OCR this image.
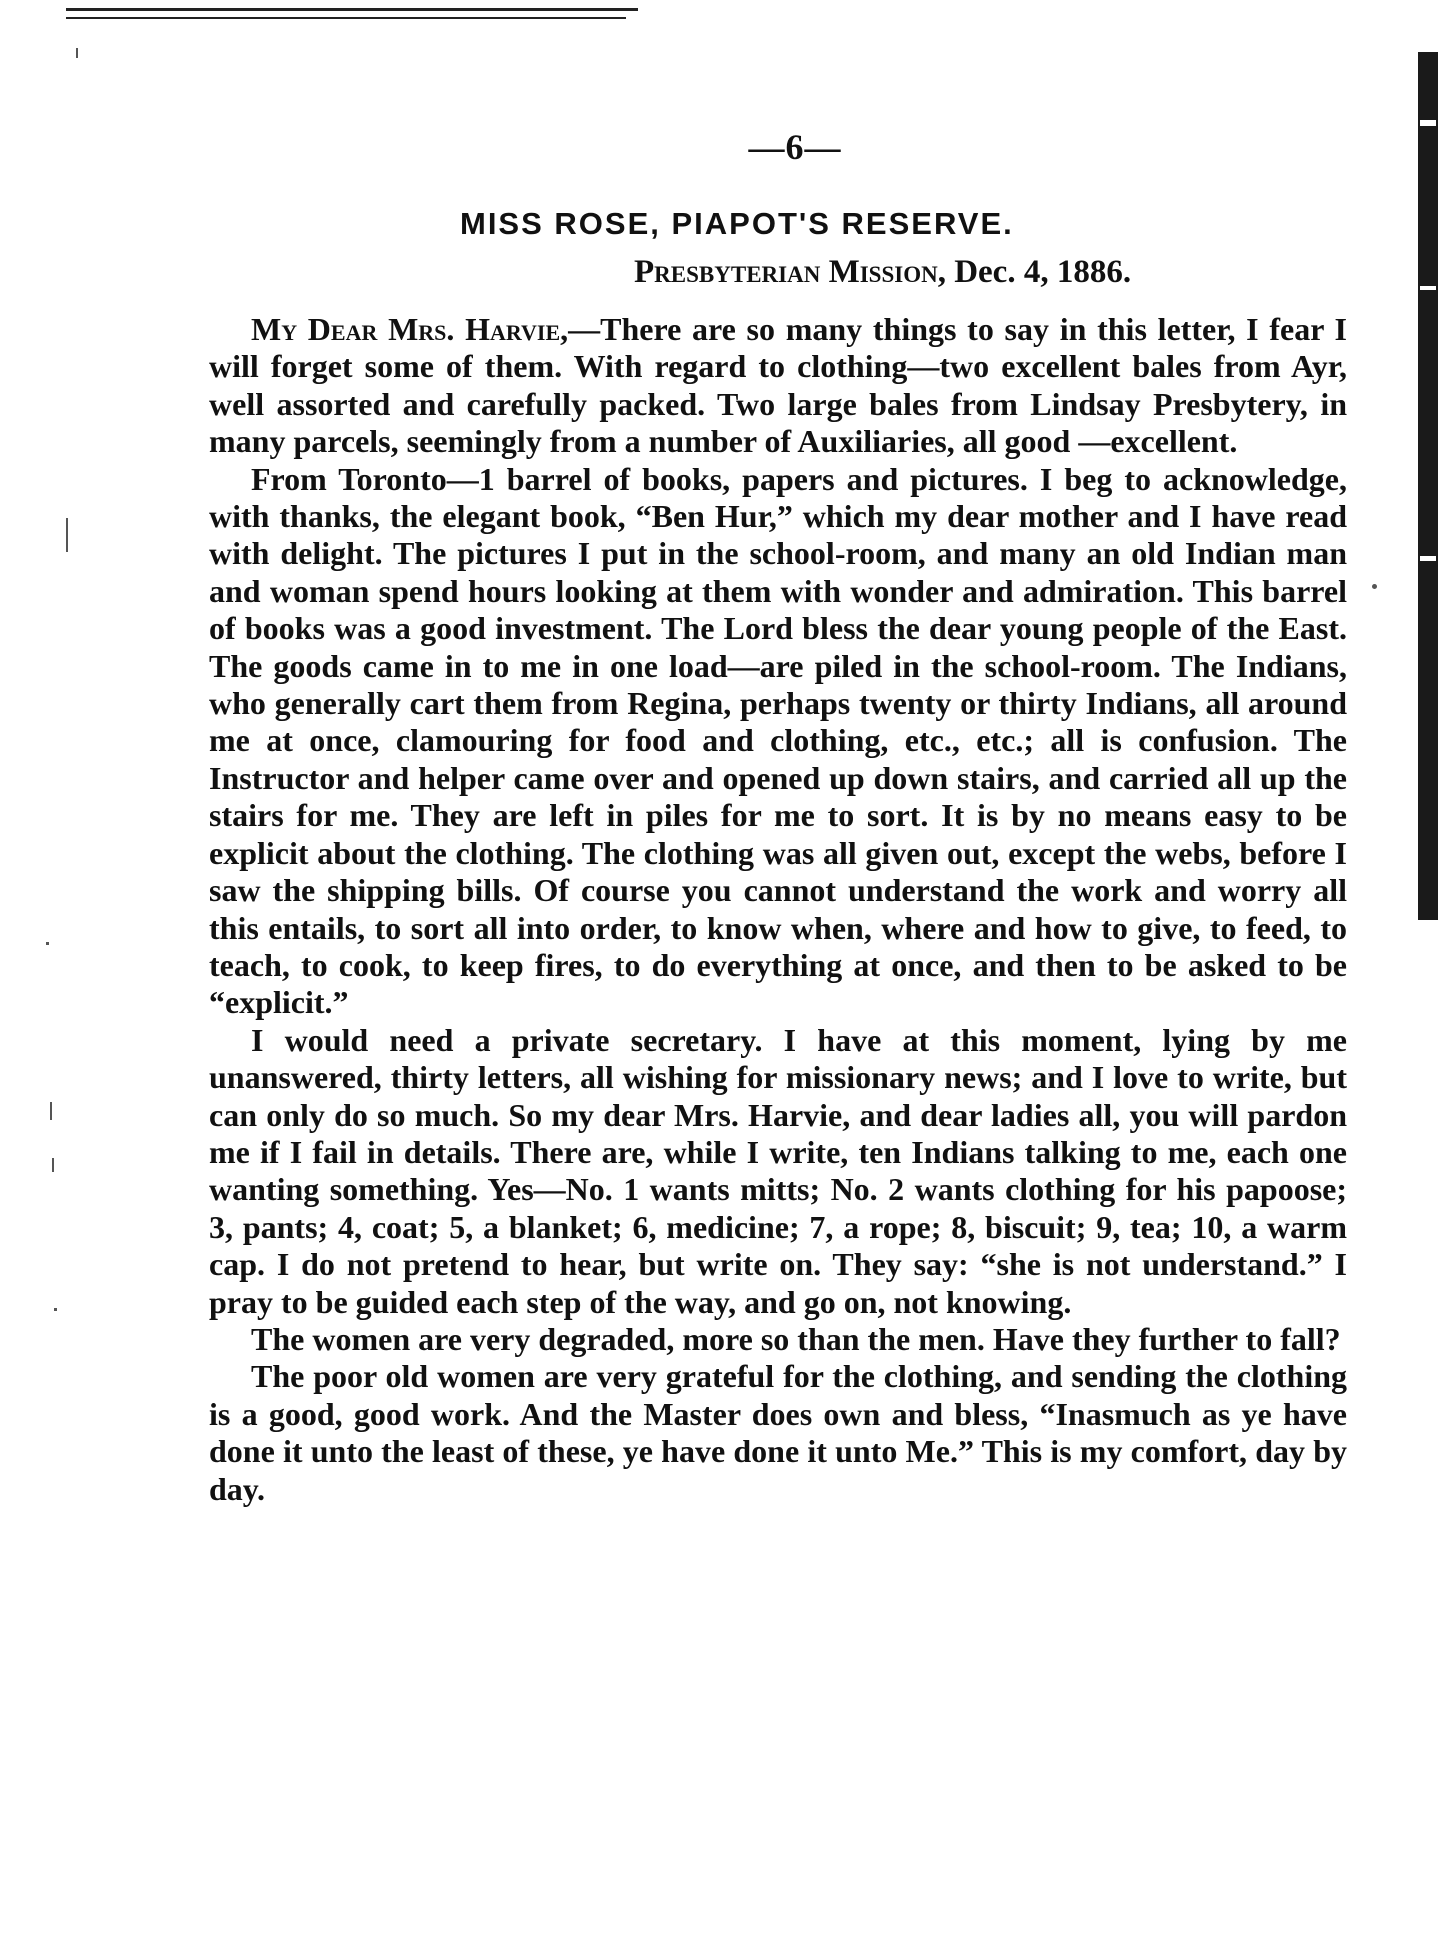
—6—
MISS ROSE, PIAPOT'S RESERVE.
Presbyterian Mission, Dec. 4, 1886.

My Dear Mrs. Harvie,—There are so many things to say in this letter, I fear I will forget some of them. With regard to clothing—two excellent bales from Ayr, well assorted and carefully packed. Two large bales from Lindsay Presbytery, in many parcels, seemingly from a number of Auxiliaries, all good —excellent.

From Toronto—1 barrel of books, papers and pictures. I beg to acknowledge, with thanks, the elegant book, “Ben Hur,” which my dear mother and I have read with delight. The pictures I put in the school-room, and many an old Indian man and woman spend hours looking at them with wonder and admiration. This barrel of books was a good investment. The Lord bless the dear young people of the East. The goods came in to me in one load—are piled in the school-room. The Indians, who generally cart them from Regina, perhaps twenty or thirty Indians, all around me at once, clamouring for food and clothing, etc., etc.; all is confusion. The Instructor and helper came over and opened up down stairs, and carried all up the stairs for me. They are left in piles for me to sort. It is by no means easy to be explicit about the clothing. The clothing was all given out, except the webs, before I saw the shipping bills. Of course you cannot understand the work and worry all this entails, to sort all into order, to know when, where and how to give, to feed, to teach, to cook, to keep fires, to do everything at once, and then to be asked to be “explicit.”

I would need a private secretary. I have at this moment, lying by me unanswered, thirty letters, all wishing for missionary news; and I love to write, but can only do so much. So my dear Mrs. Harvie, and dear ladies all, you will pardon me if I fail in details. There are, while I write, ten Indians talking to me, each one wanting something. Yes—No. 1 wants mitts; No. 2 wants clothing for his papoose; 3, pants; 4, coat; 5, a blanket; 6, medicine; 7, a rope; 8, biscuit; 9, tea; 10, a warm cap. I do not pretend to hear, but write on. They say: “she is not understand.” I pray to be guided each step of the way, and go on, not knowing.

The women are very degraded, more so than the men. Have they further to fall?

The poor old women are very grateful for the clothing, and sending the clothing is a good, good work. And the Master does own and bless, “Inasmuch as ye have done it unto the least of these, ye have done it unto Me.” This is my comfort, day by day.
